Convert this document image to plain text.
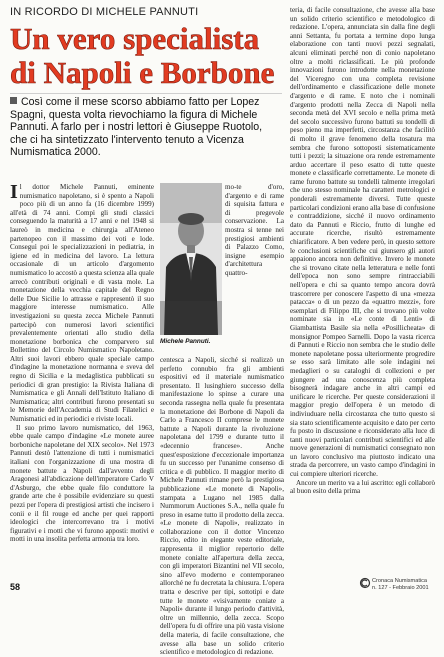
IN RICORDO DI MICHELE PANNUTI
Un vero specialista di Napoli e Borbone

Così come il mese scorso abbiamo fatto per Lopez Spagni, questa volta rievochiamo la figura di Michele Pannuti. A farlo per i nostri lettori è Giuseppe Ruotolo, che ci ha sintetizzato l'intervento tenuto a Vicenza Numismatica 2000.

Il dottor Michele Pannuti, eminente numismatico napoletano, si è spento a Napoli poco più di un anno fa (16 dicembre 1999) all'età di 74 anni. Compì gli studi classici conseguendo la maturità a 17 anni e nel 1948 si laureò in medicina e chirurgia all'Ateneo partenopeo con il massimo dei voti e lode. Conseguì poi le specializzazioni in pediatria, in igiene ed in medicina del lavoro. La lettura occasionale di un articolo d'argomento numismatico lo accostò a questa scienza alla quale arrecò contributi originali e di vasta mole. La monetazione della vecchia capitale del Regno delle Due Sicilie lo attrasse e rappresentò il suo maggiore interesse numismatico. Alle investigazioni su questa zecca Michele Pannuti partecipò con numerosi lavori scientifici prevalentemente orientati allo studio della monetazione borbonica che comparvero sul Bollettino del Circolo Numismatico Napoletano. Altri suoi lavori ebbero quale speciale campo d'indagine la monetazione normanna e sveva del regno di Sicilia e la medaglistica pubblicati su periodici di gran prestigio: la Rivista Italiana di Numismatica e gli Annali dell'Istituto Italiano di Numismatica; altri contributi furono presentati su le Memorie dell'Accademia di Studi Filatelici e Numismatici ed in periodici e riviste locali.
Il suo primo lavoro numismatico, del 1963, ebbe quale campo d'indagine «Le monete auree borboniche napoletane del XIX secolo». Nel 1973 Pannuti destò l'attenzione di tutti i numismatici italiani con l'organizzazione di una mostra di monete battute a Napoli dall'avvento degli Aragonesi all'abdicazione dell'imperatore Carlo V d'Asburgo, che ebbe quale filo conduttore la grande arte che è possibile evidenziare su questi pezzi per l'opera di prestigiosi artisti che incisero i conii e il fil rouge ed anche per quei rapporti ideologici che intercorrevano tra i motivi figurativi e i motti che vi furono apposti: motivi e motti in una insolita perfetta armonia tra loro.
Michele Pannuti.
mo-te d'oro, d'argento e di rame di squisita fattura e di pregevole conservazione. La mostra si tenne nei prestigiosi ambienti di Palazzo Como, insigne esempio d'architettura quattro-
centesca a Napoli, sicché si realizzò un perfetto connubio fra gli ambienti espositivi ed il materiale numismatico presentato. Il lusinghiero successo della manifestazione lo spinse a curare una seconda rassegna nella quale fu presentata la monetazione dei Borbone di Napoli da Carlo a Francesco II comprese le monete battute a Napoli durante la rivoluzione napoletana del 1799 e durante tutto il «decennio francese». Anche quest'esposizione d'eccezionale importanza fu un successo per l'unanime consenso di critica e di pubblico. Il maggior merito di Michele Pannuti rimane però la prestigiosa pubblicazione «Le monete di Napoli», stampata a Lugano nel 1985 dalla Nummorum Auctiones S.A., nella quale fu preso in esame tutto il prodotto della zecca. «Le monete di Napoli», realizzato in collaborazione con il dottor Vincenzo Riccio, edito in elegante veste editoriale, rappresenta il miglior repertorio delle monete conialte all'apertura della zecca, con gli imperatori Bizantini nel VII secolo, sino all'evo moderno e contemporaneo allorché ne fu decretata la chiusura. L'opera tratta e descrive per tipi, sottotipi e date tutte le monete «visivamente coniate a Napoli» durante il lungo periodo d'attività, oltre un millennio, della zecca. Scopo dell'opera fu di offrire una più vasta visione della materia, di facile consultazione, che avesse alla base un solido criterio scientifico e metodologico di redazione.
teria, di facile consultazione, che avesse alla base un solido criterio scientifico e metodologico di redazione. L'opera, annunciata sin dalla fine degli anni Settanta, fu portata a termine dopo lunga elaborazione con tanti nuovi pezzi segnalati, alcuni eliminati perché non di conio napoletano oltre a molti riclassificati. Le più profonde innovazioni furono introdotte nella monetazione del Viceregno con una completa revisione dell'ordinamento e classificazione delle monete d'argento e di rame. E noto che i nominali d'argento prodotti nella Zecca di Napoli nella seconda metà del XVI secolo e nella prima metà del secolo successivo furono battuti su tondelli di peso pieno ma imperfetti, circostanza che facilitò di molto il grave fenomeno della tosatura ma sembra che furono sottoposti sistematicamente tutti i pezzi; la situazione ora rende estremamente arduo accertare il peso esatto di tutte queste monete e classificarle correttamente. Le monete di rame furono battute su tondelli talmente irregolari che uno stesso nominale ha caratteri metrologici e ponderali estremamente diversi. Tutte queste particolari condizioni erano alla base di confusione e contraddizione, sicché il nuovo ordinamento dato da Pannuti e Riccio, frutto di lunghe ed accurate ricerche, risultò estremamente chiarificatore. A ben vedere però, in questo settore le conclusioni scientifiche cui giunsero gli autori appaiono ancora non definitive. Invero le monete che si trovano citate nella letteratura e nelle fonti dell'epoca non sono sempre rintracciabili nell'opera e chi sa quanto tempo ancora dovrà trascorrere per conoscere l'aspetto di una «mezza patacca» o di un pezzo da «quattro mezzi», fore esemplari di Filippo III, che si trovano più volte nominate sia in «Le conte di Lenti» di Giambattista Basile sia nella «Posillicheata» di monsignor Pompeo Sarnelli. Dopo la vasta ricerca di Pannuti e Riccio non sembra che le studio delle monete napoletane possa ulteriormente progredire se esso sarà limitato alle sole indagini nei medaglieri o su cataloghi di collezioni e per giungere ad una conoscenza più completa bisognerà indagare anche in altri campi ed unificare le ricerche. Per queste considerazioni il maggior pregio dell'opera è un metodo di indiviuduare nella circostanza che tutto questo si sia stato scientificamente acquisito e dato per certo fu posto in discussione e riconsiderato alla luce di tanti nuovi particolari contributi scientifici ed alle nuove generazioni di numismatici consegnato non un lavoro conclusivo ma piuttosto indicato una strada da percorrere, un vasto campo d'indagini in cui compiere ulteriori ricerche.
Ancore un merito va a lui ascritto: egli collaborò al buon esito della prima
58
Cronaca Numismatica
n. 127 - Febbraio 2001
